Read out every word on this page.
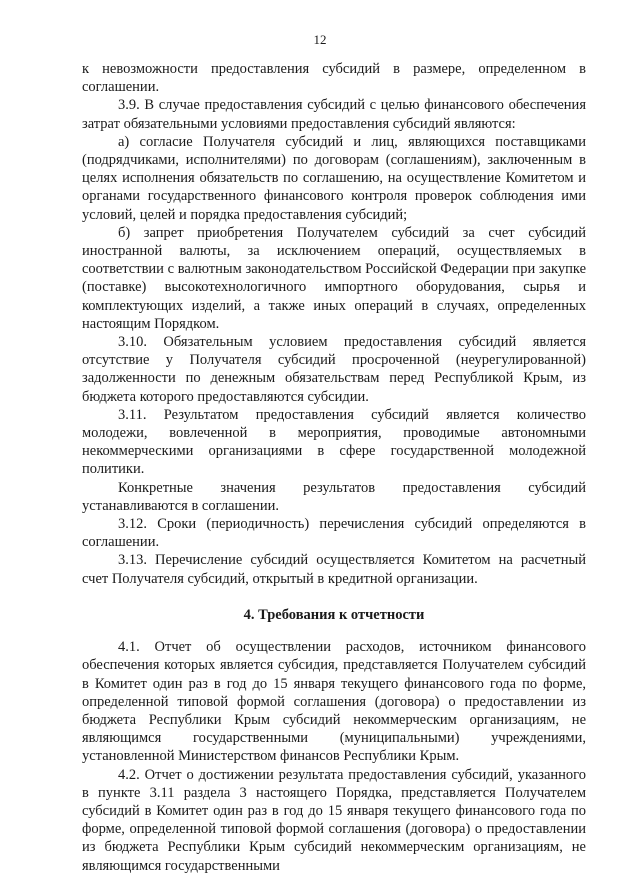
12

к невозможности предоставления субсидий в размере, определенном в соглашении.

3.9. В случае предоставления субсидий с целью финансового обеспечения затрат обязательными условиями предоставления субсидий являются:

а) согласие Получателя субсидий и лиц, являющихся поставщиками (подрядчиками, исполнителями) по договорам (соглашениям), заключенным в целях исполнения обязательств по соглашению, на осуществление Комитетом и органами государственного финансового контроля проверок соблюдения ими условий, целей и порядка предоставления субсидий;

б) запрет приобретения Получателем субсидий за счет субсидий иностранной валюты, за исключением операций, осуществляемых в соответствии с валютным законодательством Российской Федерации при закупке (поставке) высокотехнологичного импортного оборудования, сырья и комплектующих изделий, а также иных операций в случаях, определенных настоящим Порядком.

3.10. Обязательным условием предоставления субсидий является отсутствие у Получателя субсидий просроченной (неурегулированной) задолженности по денежным обязательствам перед Республикой Крым, из бюджета которого предоставляются субсидии.

3.11. Результатом предоставления субсидий является количество молодежи, вовлеченной в мероприятия, проводимые автономными некоммерческими организациями в сфере государственной молодежной политики.

Конкретные значения результатов предоставления субсидий устанавливаются в соглашении.

3.12. Сроки (периодичность) перечисления субсидий определяются в соглашении.

3.13. Перечисление субсидий осуществляется Комитетом на расчетный счет Получателя субсидий, открытый в кредитной организации.

4. Требования к отчетности

4.1. Отчет об осуществлении расходов, источником финансового обеспечения которых является субсидия, представляется Получателем субсидий в Комитет один раз в год до 15 января текущего финансового года по форме, определенной типовой формой соглашения (договора) о предоставлении из бюджета Республики Крым субсидий некоммерческим организациям, не являющимся государственными (муниципальными) учреждениями, установленной Министерством финансов Республики Крым.

4.2. Отчет о достижении результата предоставления субсидий, указанного в пункте 3.11 раздела 3 настоящего Порядка, представляется Получателем субсидий в Комитет один раз в год до 15 января текущего финансового года по форме, определенной типовой формой соглашения (договора) о предоставлении из бюджета Республики Крым субсидий некоммерческим организациям, не являющимся государственными
